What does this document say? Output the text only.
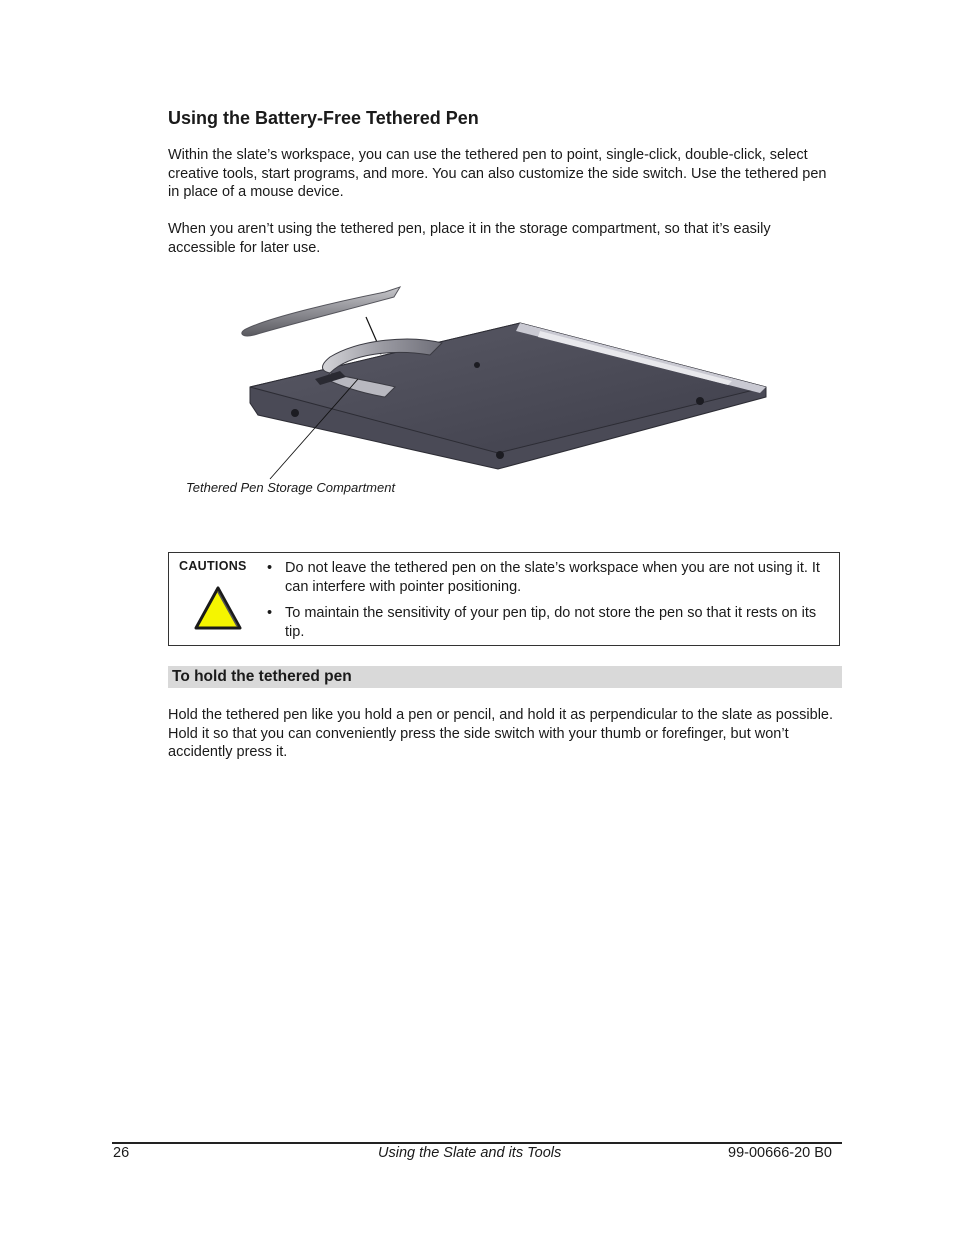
Using the Battery-Free Tethered Pen

Within the slate’s workspace, you can use the tethered pen to point, single-click, double-click, select creative tools, start programs, and more. You can also customize the side switch. Use the tethered pen in place of a mouse device.

When you aren’t using the tethered pen, place it in the storage compartment, so that it’s easily accessible for later use.

Tethered Pen Storage Compartment
CAUTIONS • Do not leave the tethered pen on the slate’s workspace when you are not using it. It can interfere with pointer positioning.
• To maintain the sensitivity of your pen tip, do not store the pen so that it rests on its tip.
To hold the tethered pen

Hold the tethered pen like you hold a pen or pencil, and hold it as perpendicular to the slate as possible. Hold it so that you can conveniently press the side switch with your thumb or forefinger, but won’t accidently press it.

26	Using the Slate and its Tools	99-00666-20 B0
